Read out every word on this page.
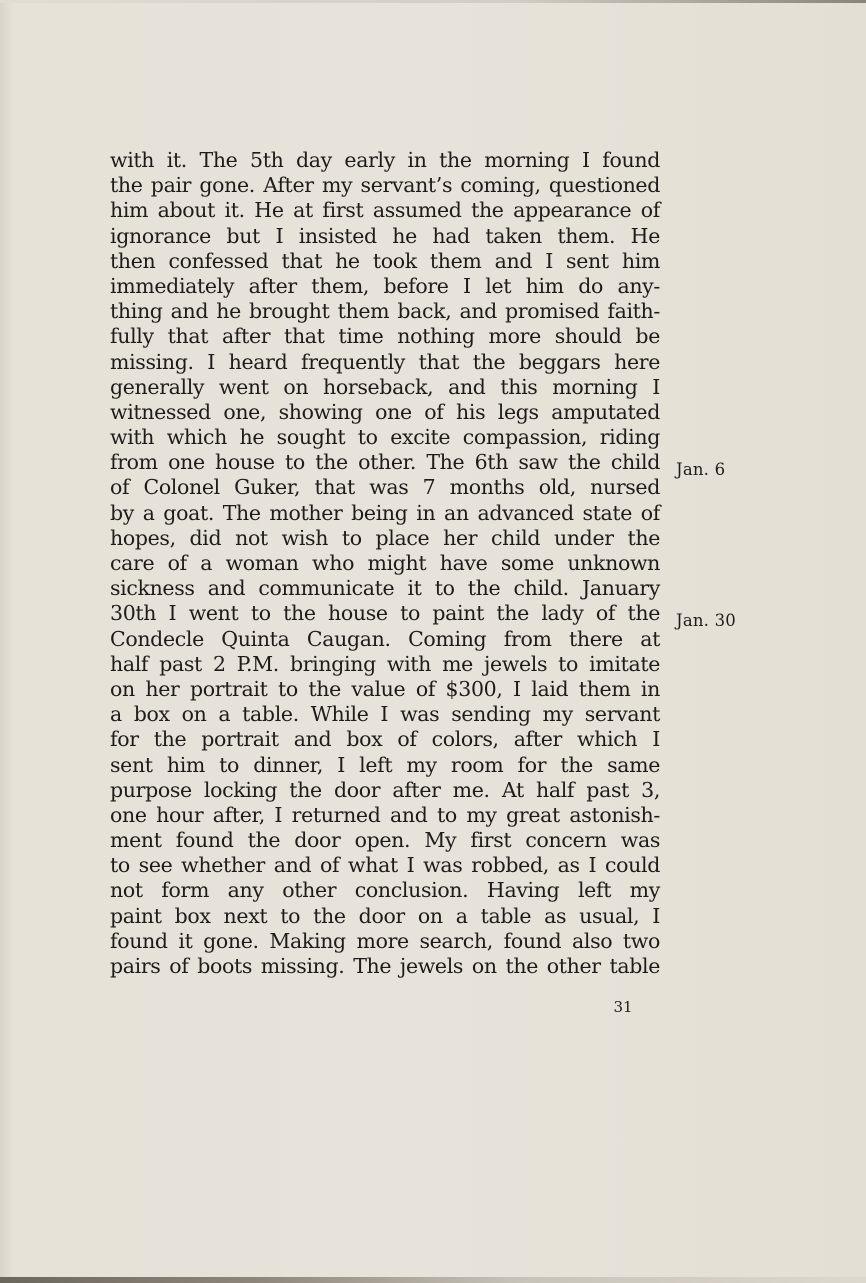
with it. The 5th day early in the morning I found
the pair gone. After my servant’s coming, questioned
him about it. He at first assumed the appearance of
ignorance but I insisted he had taken them. He
then confessed that he took them and I sent him
immediately after them, before I let him do any-
thing and he brought them back, and promised faith-
fully that after that time nothing more should be
missing. I heard frequently that the beggars here
generally went on horseback, and this morning I
witnessed one, showing one of his legs amputated
with which he sought to excite compassion, riding
from one house to the other. The 6th saw the child
of Colonel Guker, that was 7 months old, nursed
by a goat. The mother being in an advanced state of
hopes, did not wish to place her child under the
care of a woman who might have some unknown
sickness and communicate it to the child. January
30th I went to the house to paint the lady of the
Condecle Quinta Caugan. Coming from there at
half past 2 P.M. bringing with me jewels to imitate
on her portrait to the value of $300, I laid them in
a box on a table. While I was sending my servant
for the portrait and box of colors, after which I
sent him to dinner, I left my room for the same
purpose locking the door after me. At half past 3,
one hour after, I returned and to my great astonish-
ment found the door open. My first concern was
to see whether and of what I was robbed, as I could
not form any other conclusion. Having left my
paint box next to the door on a table as usual, I
found it gone. Making more search, found also two
pairs of boots missing. The jewels on the other table
Jan. 6
Jan. 30
31
